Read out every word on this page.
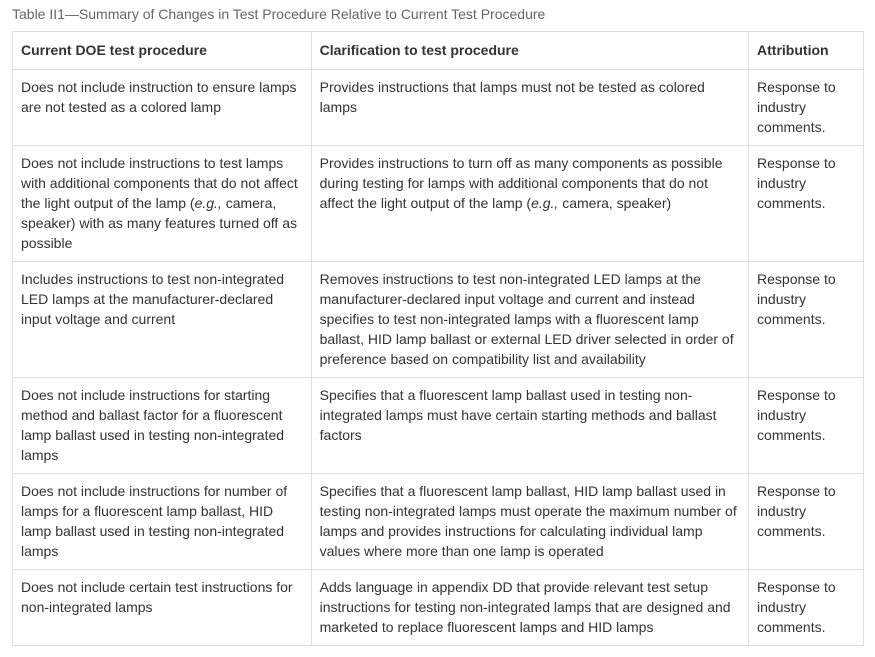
Table II1—Summary of Changes in Test Procedure Relative to Current Test Procedure
Current DOE test procedure	Clarification to test procedure	Attribution
Does not include instruction to ensure lamps are not tested as a colored lamp	Provides instructions that lamps must not be tested as colored lamps	Response to industry comments.
Does not include instructions to test lamps with additional components that do not affect the light output of the lamp (e.g., camera, speaker) with as many features turned off as possible	Provides instructions to turn off as many components as possible during testing for lamps with additional components that do not affect the light output of the lamp (e.g., camera, speaker)	Response to industry comments.
Includes instructions to test non-integrated LED lamps at the manufacturer-declared input voltage and current	Removes instructions to test non-integrated LED lamps at the manufacturer-declared input voltage and current and instead specifies to test non-integrated lamps with a fluorescent lamp ballast, HID lamp ballast or external LED driver selected in order of preference based on compatibility list and availability	Response to industry comments.
Does not include instructions for starting method and ballast factor for a fluorescent lamp ballast used in testing non-integrated lamps	Specifies that a fluorescent lamp ballast used in testing non-integrated lamps must have certain starting methods and ballast factors	Response to industry comments.
Does not include instructions for number of lamps for a fluorescent lamp ballast, HID lamp ballast used in testing non-integrated lamps	Specifies that a fluorescent lamp ballast, HID lamp ballast used in testing non-integrated lamps must operate the maximum number of lamps and provides instructions for calculating individual lamp values where more than one lamp is operated	Response to industry comments.
Does not include certain test instructions for non-integrated lamps	Adds language in appendix DD that provide relevant test setup instructions for testing non-integrated lamps that are designed and marketed to replace fluorescent lamps and HID lamps	Response to industry comments.
